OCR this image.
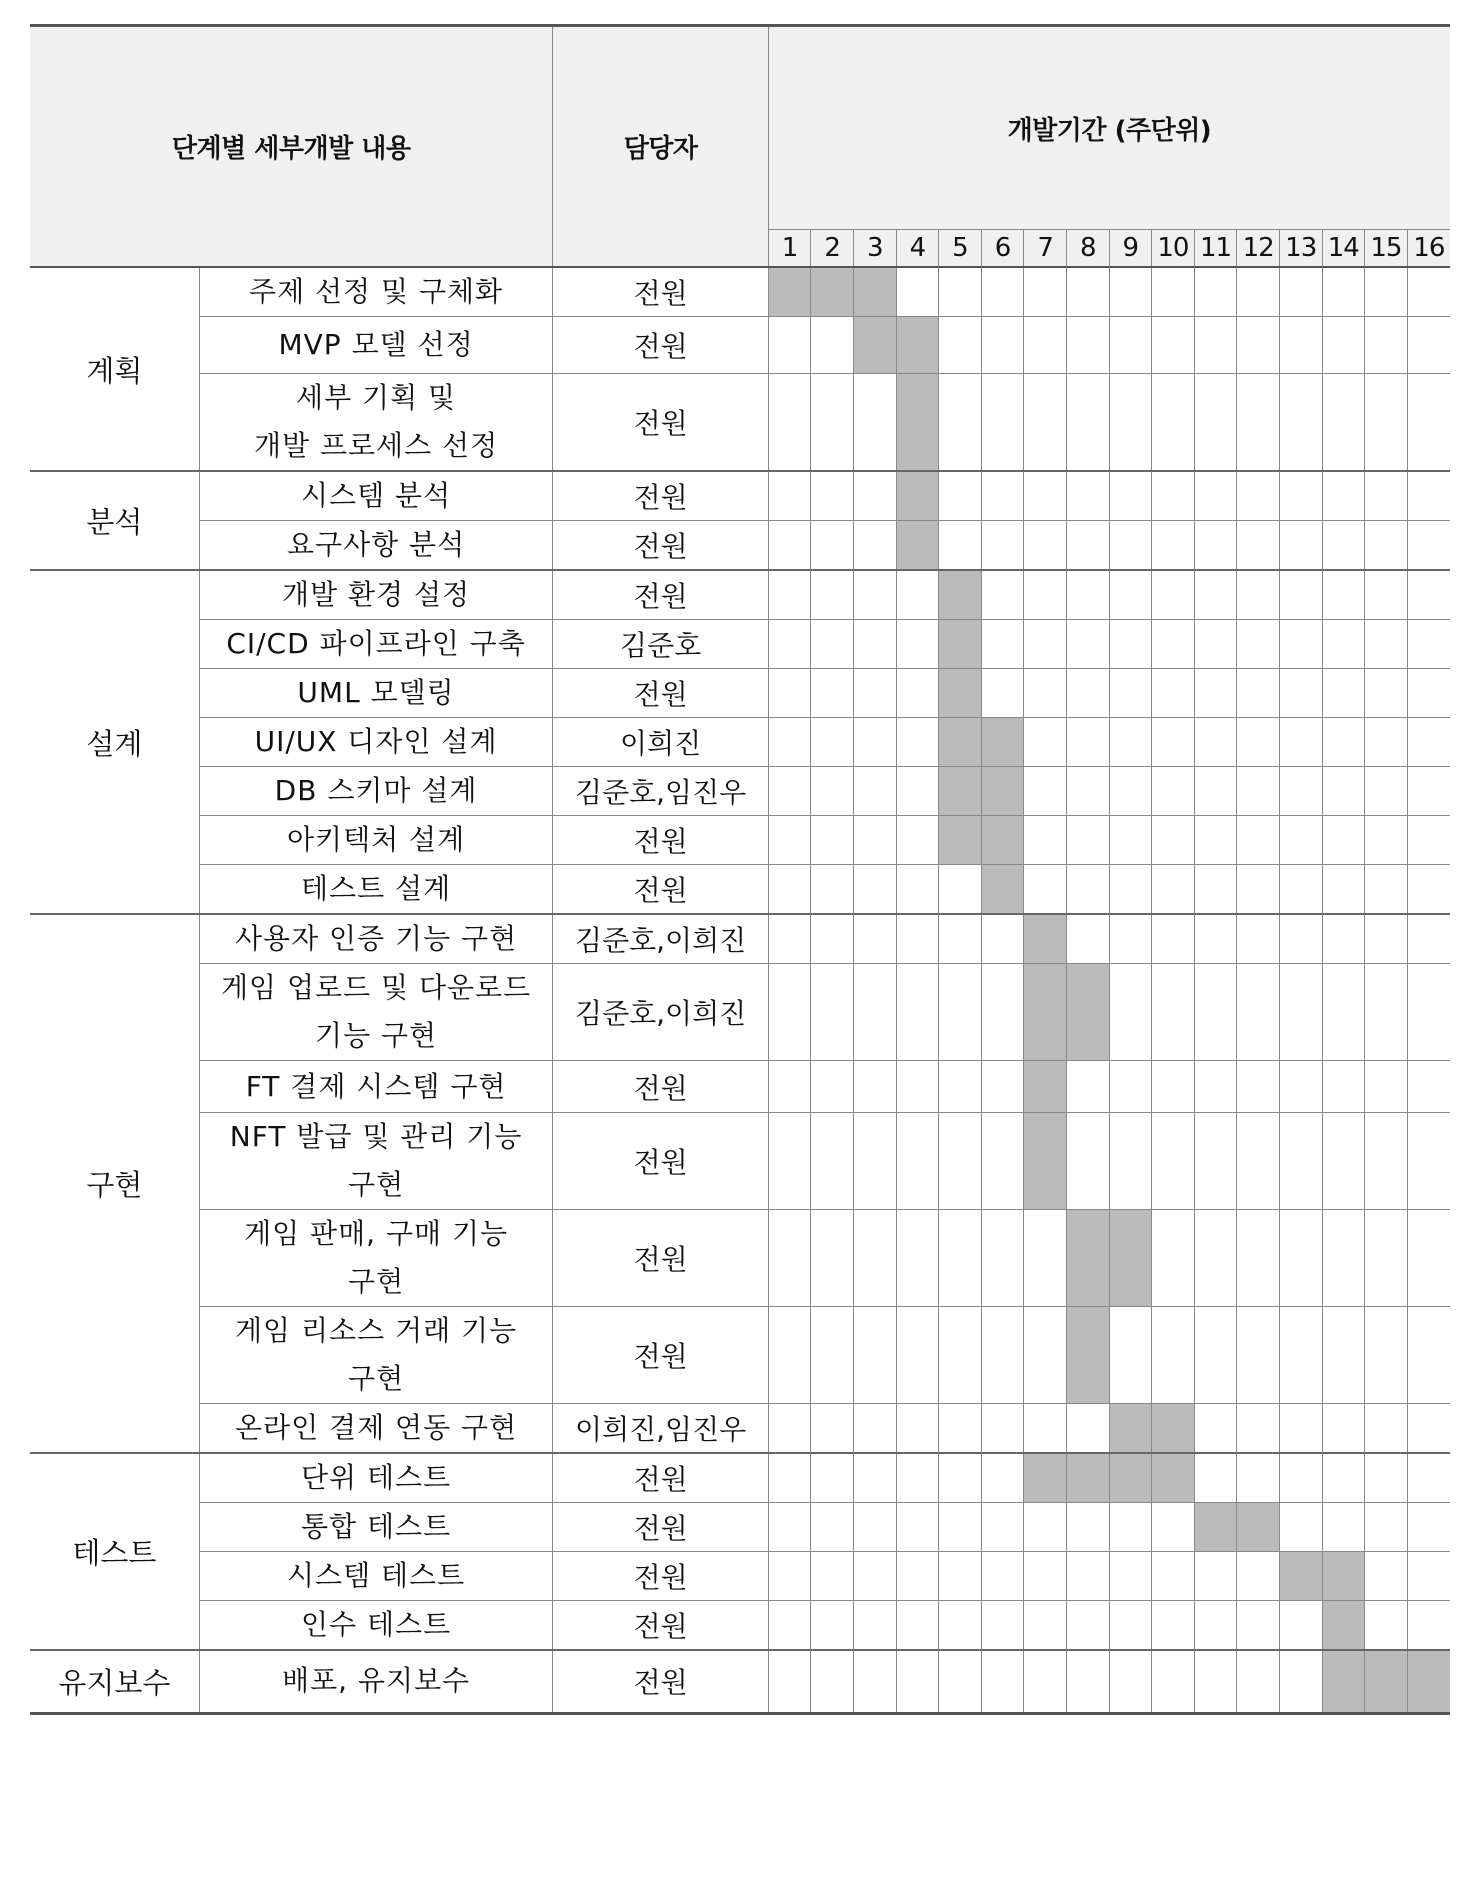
단계별 세부개발 내용		담당자	개발기간 (주단위)															
			1	2	3	4	5	6	7	8	9	10	11	12	13	14	15	16
계획	주제 선정 및 구체화	전원																
	MVP 모델 선정	전원																
	세부 기획 및
개발 프로세스 선정	전원																
분석	시스템 분석	전원																
	요구사항 분석	전원																
설계	개발 환경 설정	전원																
	CI/CD 파이프라인 구축	김준호																
	UML 모델링	전원																
	UI/UX 디자인 설계	이희진																
	DB 스키마 설계	김준호,임진우																
	아키텍처 설계	전원																
	테스트 설계	전원																
구현	사용자 인증 기능 구현	김준호,이희진																
	게임 업로드 및 다운로드
기능 구현	김준호,이희진																
	FT 결제 시스템 구현	전원																
	NFT 발급 및 관리 기능
구현	전원																
	게임 판매, 구매 기능
구현	전원																
	게임 리소스 거래 기능
구현	전원																
	온라인 결제 연동 구현	이희진,임진우																
테스트	단위 테스트	전원																
	통합 테스트	전원																
	시스템 테스트	전원																
	인수 테스트	전원																
유지보수	배포, 유지보수	전원																
